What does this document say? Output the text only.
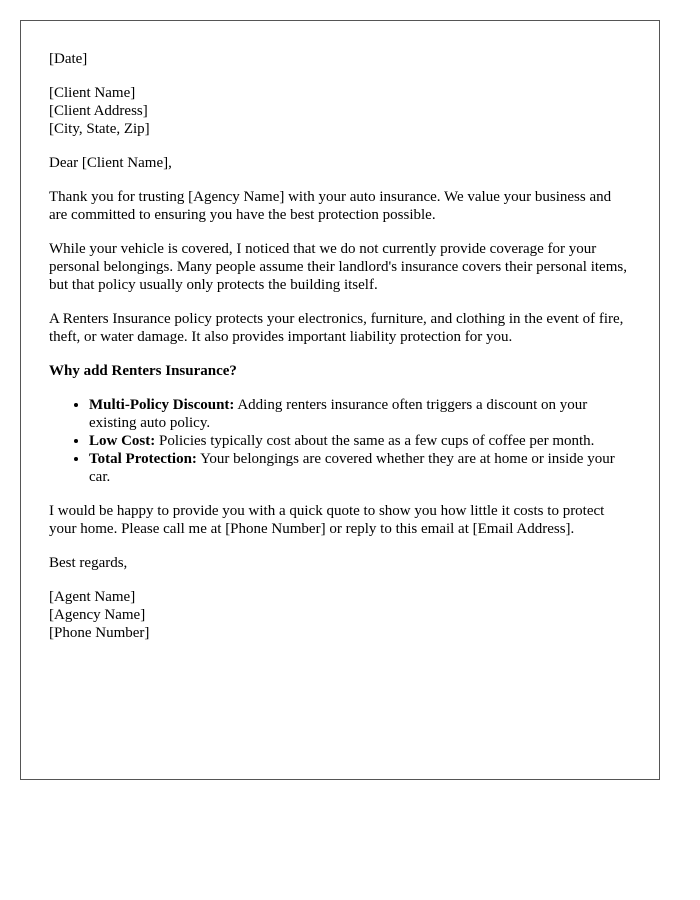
[Date]

[Client Name]
[Client Address]
[City, State, Zip]

Dear [Client Name],

Thank you for trusting [Agency Name] with your auto insurance. We value your business and are committed to ensuring you have the best protection possible.

While your vehicle is covered, I noticed that we do not currently provide coverage for your personal belongings. Many people assume their landlord's insurance covers their personal items, but that policy usually only protects the building itself.

A Renters Insurance policy protects your electronics, furniture, and clothing in the event of fire, theft, or water damage. It also provides important liability protection for you.

Why add Renters Insurance?

• Multi-Policy Discount: Adding renters insurance often triggers a discount on your existing auto policy.
• Low Cost: Policies typically cost about the same as a few cups of coffee per month.
• Total Protection: Your belongings are covered whether they are at home or inside your car.

I would be happy to provide you with a quick quote to show you how little it costs to protect your home. Please call me at [Phone Number] or reply to this email at [Email Address].

Best regards,

[Agent Name]
[Agency Name]
[Phone Number]
